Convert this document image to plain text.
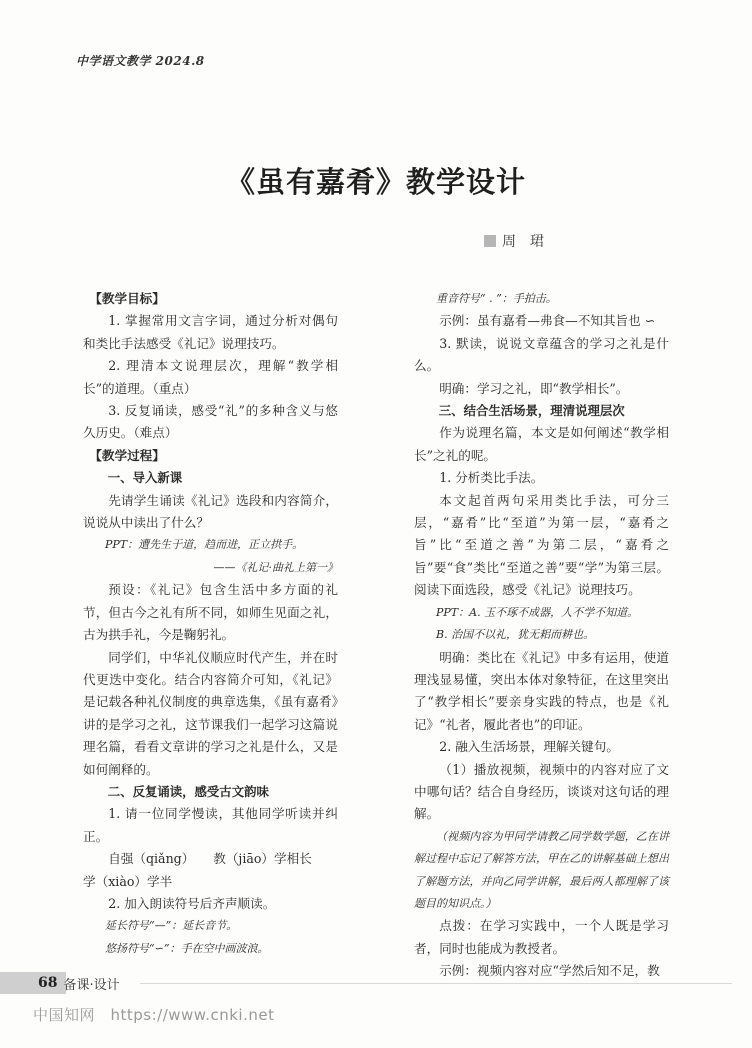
中学语文教学 2024.8
《虽有嘉肴》教学设计
周　珺

【教学目标】

1. 掌握常用文言字词，通过分析对偶句和类比手法感受《礼记》说理技巧。

2. 理清本文说理层次，理解“教学相长”的道理。（重点）

3. 反复诵读，感受“礼”的多种含义与悠久历史。（难点）

【教学过程】

一、导入新课

先请学生诵读《礼记》选段和内容简介，说说从中读出了什么？

PPT：遭先生于道，趋而进，正立拱手。

——《礼记·曲礼上第一》

预设：《礼记》包含生活中多方面的礼节，但古今之礼有所不同，如师生见面之礼，古为拱手礼，今是鞠躬礼。

同学们，中华礼仪顺应时代产生，并在时代更迭中变化。结合内容简介可知，《礼记》是记载各种礼仪制度的典章选集，《虽有嘉肴》讲的是学习之礼，这节课我们一起学习这篇说理名篇，看看文章讲的学习之礼是什么，又是如何阐释的。

二、反复诵读，感受古文韵味

1. 请一位同学慢读，其他同学听读并纠正。

自强（qiǎng）　　教（jiāo）学相长

学（xiào）学半

2. 加入朗读符号后齐声顺读。

延长符号“—”：延长音节。

悠扬符号“∽”：手在空中画波浪。

重音符号“ . ”：手拍击。

示例：虽有嘉肴—弗食—不知其旨也 ∽

3. 默读，说说文章蕴含的学习之礼是什么。

明确：学习之礼，即“教学相长”。

三、结合生活场景，理清说理层次

作为说理名篇，本文是如何阐述“教学相长”之礼的呢。

1. 分析类比手法。

本文起首两句采用类比手法，可分三层，“嘉肴”比“至道”为第一层，“嘉肴之旨”比“至道之善”为第二层，“嘉肴之旨”要“食”类比“至道之善”要“学”为第三层。阅读下面选段，感受《礼记》说理技巧。

PPT：A. 玉不琢不成器，人不学不知道。

B. 治国不以礼，犹无耜而耕也。

明确：类比在《礼记》中多有运用，使道理浅显易懂，突出本体对象特征，在这里突出了“教学相长”要亲身实践的特点，也是《礼记》“礼者，履此者也”的印证。

2. 融入生活场景，理解关键句。

（1）播放视频，视频中的内容对应了文中哪句话？结合自身经历，谈谈对这句话的理解。

（视频内容为甲同学请教乙同学数学题，乙在讲解过程中忘记了解答方法，甲在乙的讲解基础上想出了解题方法，并向乙同学讲解，最后两人都理解了该题目的知识点。）

点拨：在学习实践中，一个人既是学习者，同时也能成为教授者。

示例：视频内容对应“学然后知不足，教

68 备课·设计
中国知网　https://www.cnki.net
